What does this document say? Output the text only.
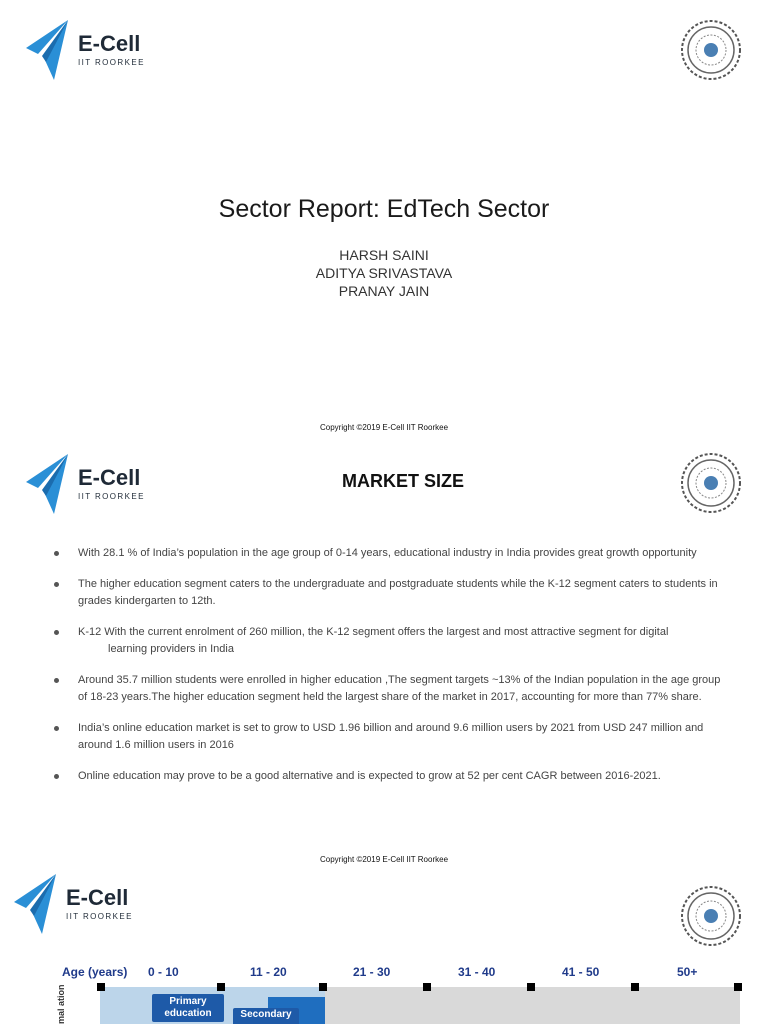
E-Cell
IIT ROORKEE
Sector Report: EdTech Sector
HARSH SAINI
ADITYA SRIVASTAVA
PRANAY JAIN
Copyright ©2019 E-Cell IIT Roorkee
E-Cell
IIT ROORKEE
MARKET SIZE
With 28.1 % of India’s population in the age group of 0-14 years, educational industry in India provides great growth opportunity
The higher education segment caters to the undergraduate and postgraduate students while the K-12 segment caters to students in grades kindergarten to 12th.
K-12 With the current enrolment of 260 million, the K-12 segment offers the largest and most attractive segment for digital
learning providers in India
Around 35.7 million students were enrolled in higher education ,The segment targets ~13% of the Indian population in the age group of 18-23 years.The higher education segment held the largest share of the market in 2017, accounting for more than 77% share.
India’s online education market is set to grow to USD 1.96 billion and around 9.6 million users by 2021 from USD 247 million and around 1.6 million users in 2016
Online education may prove to be a good alternative and is expected to grow at 52 per cent CAGR between 2016-2021.
Copyright ©2019 E-Cell IIT Roorkee
E-Cell
IIT ROORKEE
Age (years) 0 - 10	11 - 20	21 - 30	31 - 40	41 - 50	50+
Primary education	Secondary
mal ation
